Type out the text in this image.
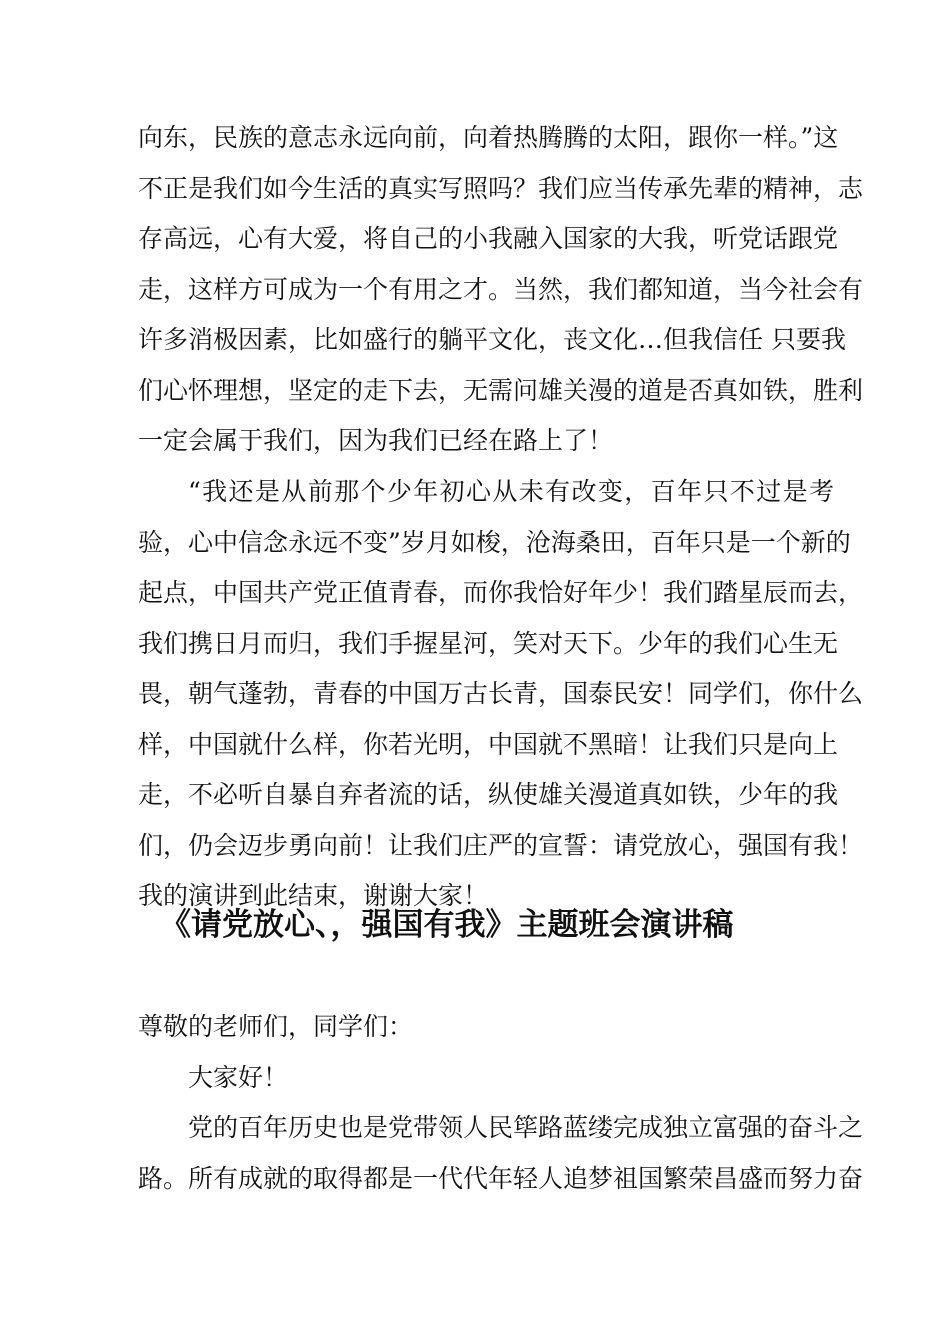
向东，民族的意志永远向前，向着热腾腾的太阳，跟你一样。”这
不正是我们如今生活的真实写照吗？我们应当传承先辈的精神，志
存高远，心有大爱，将自己的小我融入国家的大我，听党话跟党
走，这样方可成为一个有用之才。当然，我们都知道，当今社会有
许多消极因素，比如盛行的躺平文化，丧文化…但我信任 只要我
们心怀理想，坚定的走下去，无需问雄关漫的道是否真如铁，胜利
一定会属于我们，因为我们已经在路上了！
“我还是从前那个少年初心从未有改变，百年只不过是考
验，心中信念永远不变”岁月如梭，沧海桑田，百年只是一个新的
起点，中国共产党正值青春，而你我恰好年少！我们踏星辰而去，
我们携日月而归，我们手握星河，笑对天下。少年的我们心生无
畏，朝气蓬勃，青春的中国万古长青，国泰民安！同学们，你什么
样，中国就什么样，你若光明，中国就不黑暗！让我们只是向上
走，不必听自暴自弃者流的话，纵使雄关漫道真如铁，少年的我
们，仍会迈步勇向前！让我们庄严的宣誓：请党放心，强国有我！
我的演讲到此结束，谢谢大家！
《请党放心、，强国有我》主题班会演讲稿
尊敬的老师们，同学们：
大家好！
党的百年历史也是党带领人民筚路蓝缕完成独立富强的奋斗之
路。所有成就的取得都是一代代年轻人追梦祖国繁荣昌盛而努力奋
